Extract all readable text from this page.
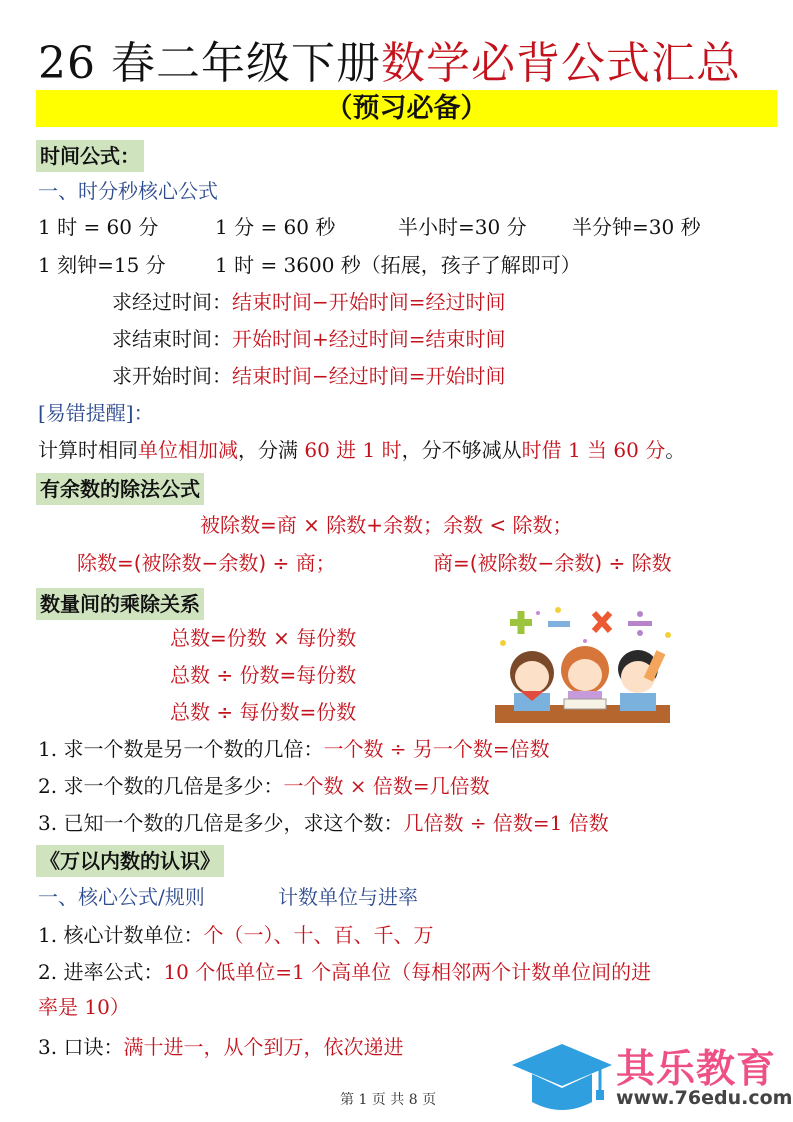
26 春二年级下册数学必背公式汇总
（预习必备）
时间公式：
一、时分秒核心公式
1 时 = 60 分	1 分 = 60 秒	半小时=30 分 半分钟=30 秒
1 刻钟=15 分 1 时 = 3600 秒（拓展，孩子了解即可）
求经过时间：结束时间−开始时间=经过时间
求结束时间：开始时间+经过时间=结束时间
求开始时间：结束时间−经过时间=开始时间
[易错提醒]：
计算时相同单位相加减，分满 60 进 1 时，分不够减从时借 1 当 60 分。
有余数的除法公式
被除数=商 × 除数+余数；余数 < 除数；
除数=(被除数−余数) ÷ 商；	商=(被除数−余数) ÷ 除数
数量间的乘除关系
总数=份数 × 每份数
总数 ÷ 份数=每份数
总数 ÷ 每份数=份数
1. 求一个数是另一个数的几倍：一个数 ÷ 另一个数=倍数
2. 求一个数的几倍是多少：一个数 × 倍数=几倍数
3. 已知一个数的几倍是多少，求这个数：几倍数 ÷ 倍数=1 倍数
《万以内数的认识》
一、核心公式/规则	计数单位与进率
1. 核心计数单位：个（一）、十、百、千、万
2. 进率公式：10 个低单位=1 个高单位（每相邻两个计数单位间的进
率是 10）
3. 口诀：满十进一，从个到万，依次递进
第 1 页 共 8 页
其乐教育
www.76edu.com
